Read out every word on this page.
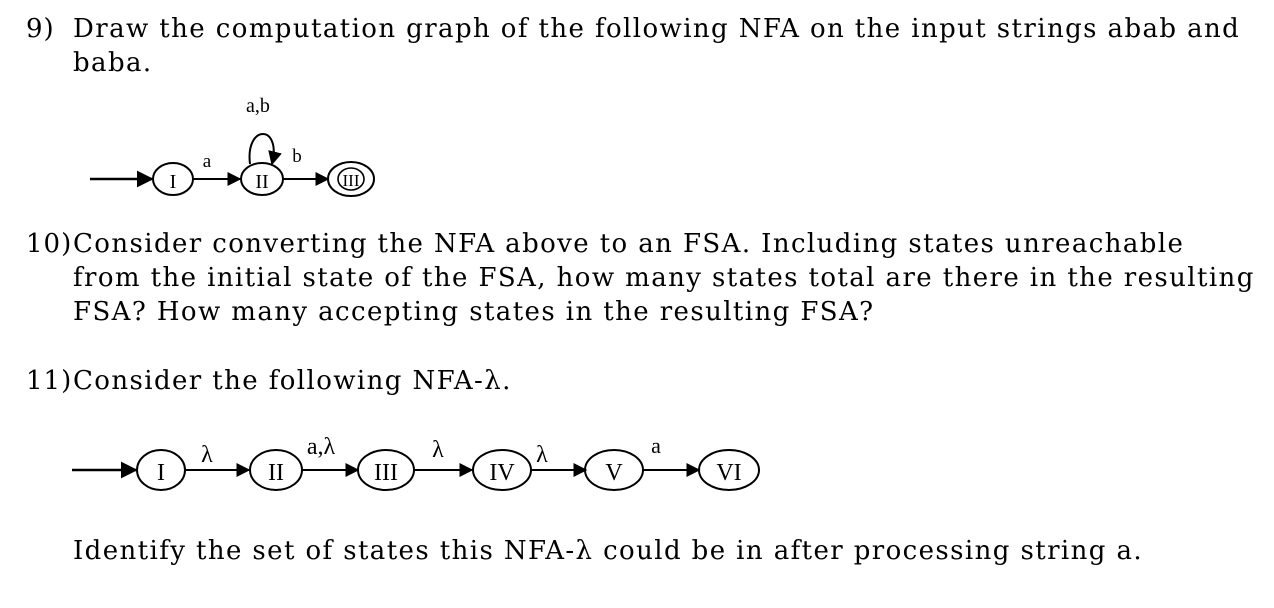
9) Draw the computation graph of the following NFA on the input strings abab and
baba.
10) Consider converting the NFA above to an FSA. Including states unreachable
from the initial state of the FSA, how many states total are there in the resulting
FSA? How many accepting states in the resulting FSA?
11) Consider the following NFA-λ.
Identify the set of states this NFA-λ could be in after processing string a.
I
a
II
a,b
b
III
I
λ
II
a,λ
III
λ
IV
λ
V
a
VI
